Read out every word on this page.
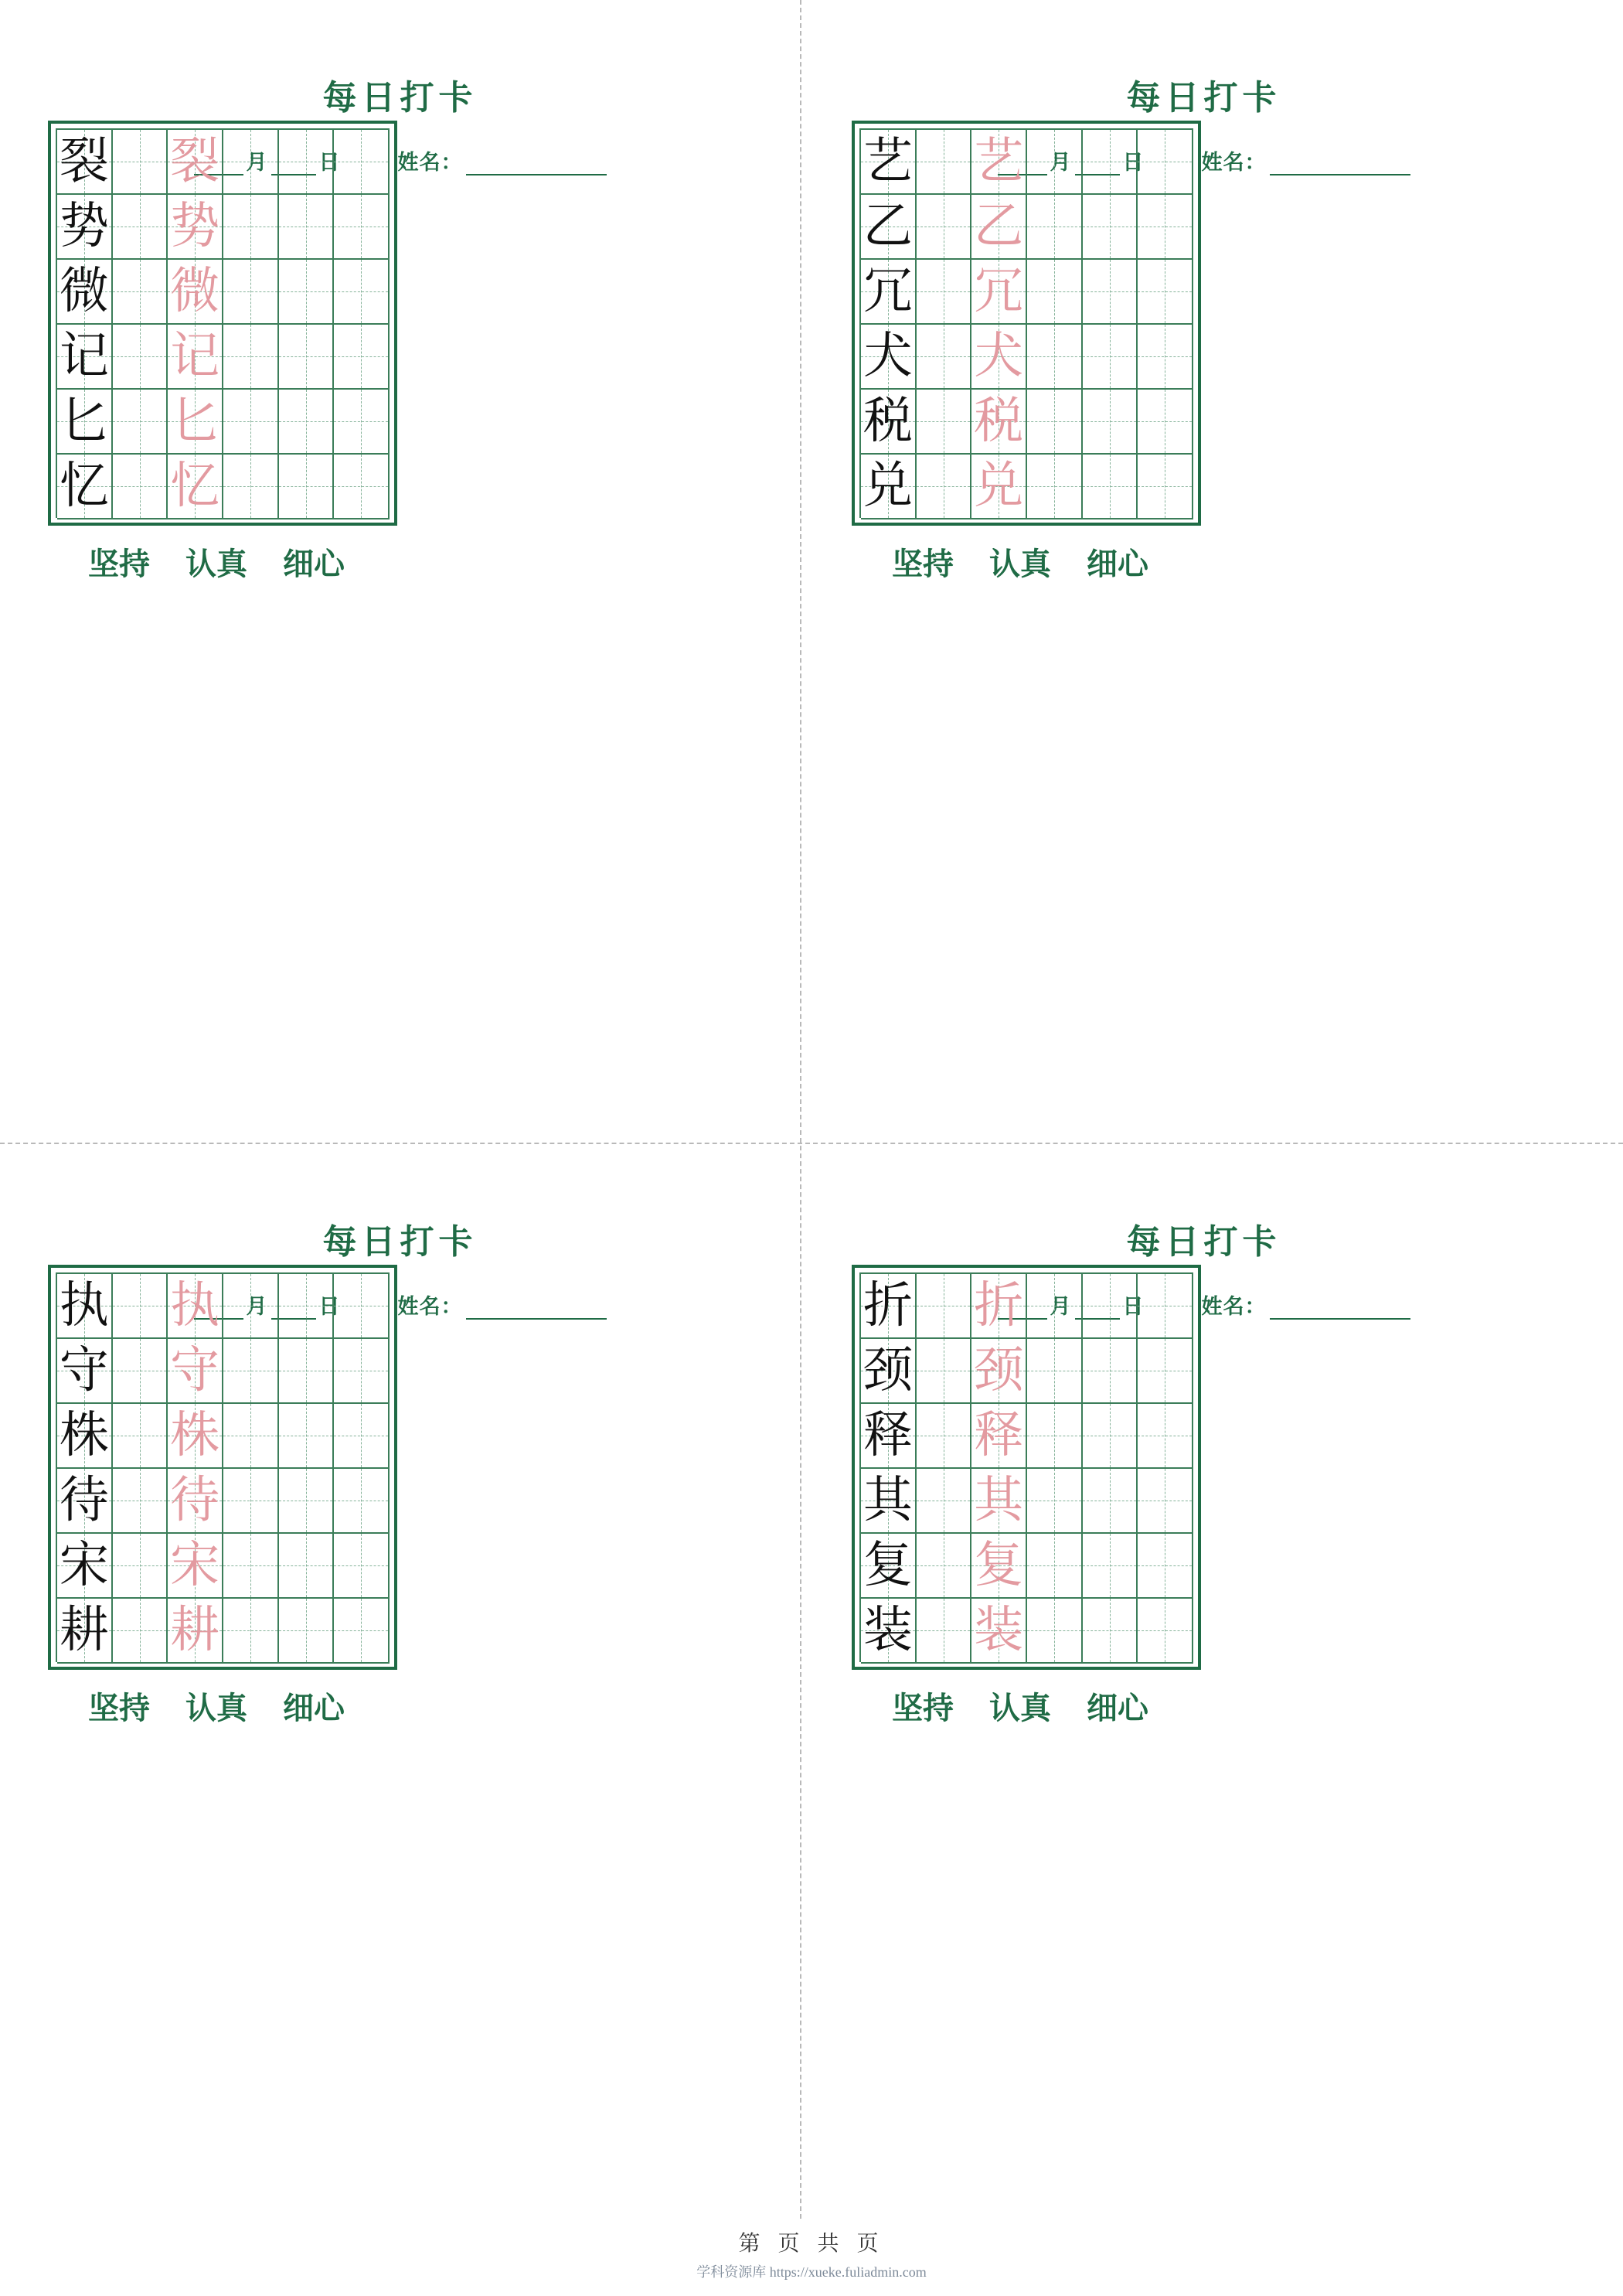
每日打卡
月 日	姓名：
裂 裂
势 势
微 微
记 记
匕 匕
忆 忆
坚持 认真 细心
每日打卡
月 日	姓名：
艺 艺
乙 乙
冗 冗
犬 犬
税 税
兑 兑
坚持 认真 细心
每日打卡
月 日	姓名：
执 执
守 守
株 株
待 待
宋 宋
耕 耕
坚持 认真 细心
每日打卡
月 日	姓名：
折 折
颈 颈
释 释
其 其
复 复
装 装
坚持 认真 细心
第 页 共 页
学科资源库 https://xueke.fuliadmin.com
